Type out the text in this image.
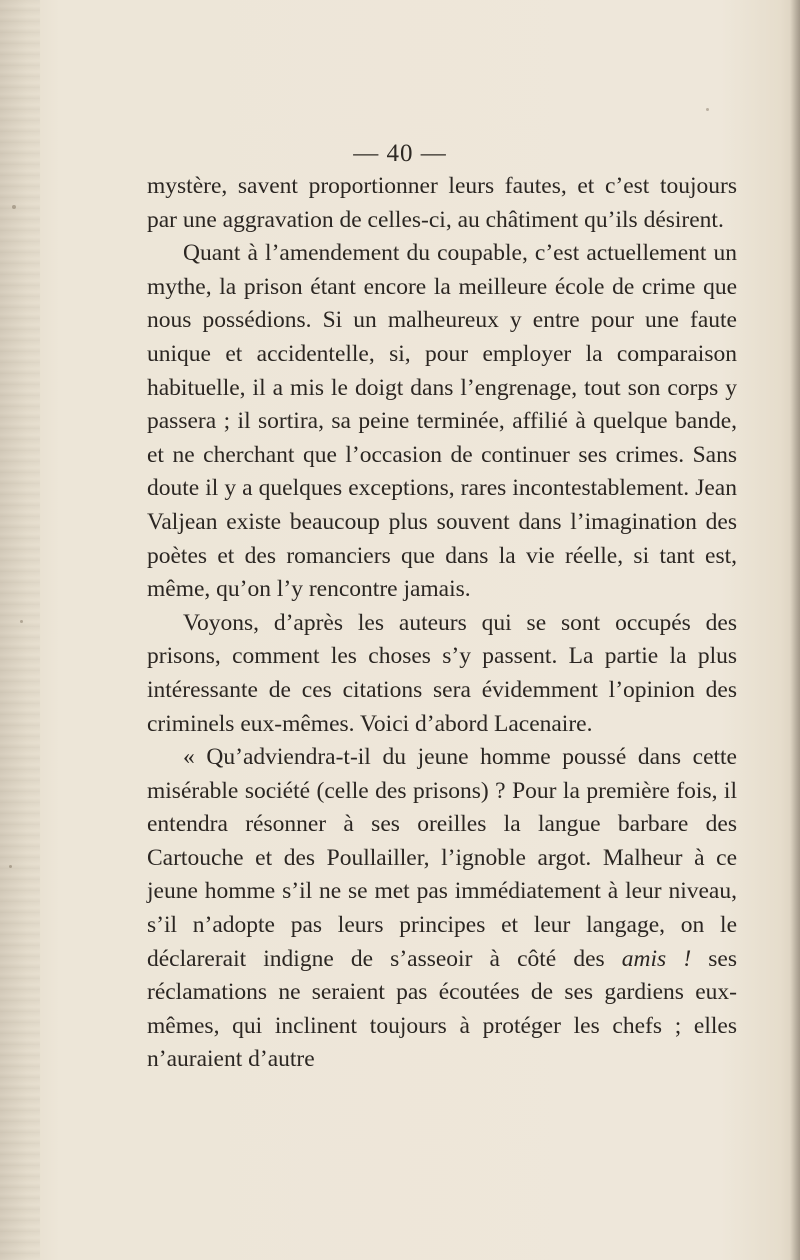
— 40 —

mystère, savent proportionner leurs fautes, et c’est toujours par une aggravation de celles-ci, au châtiment qu’ils désirent.

Quant à l’amendement du coupable, c’est actuellement un mythe, la prison étant encore la meilleure école de crime que nous possédions. Si un malheureux y entre pour une faute unique et accidentelle, si, pour employer la comparaison habituelle, il a mis le doigt dans l’engrenage, tout son corps y passera ; il sortira, sa peine terminée, affilié à quelque bande, et ne cherchant que l’occasion de continuer ses crimes. Sans doute il y a quelques exceptions, rares incontestablement. Jean Valjean existe beaucoup plus souvent dans l’imagination des poètes et des romanciers que dans la vie réelle, si tant est, même, qu’on l’y rencontre jamais.

Voyons, d’après les auteurs qui se sont occupés des prisons, comment les choses s’y passent. La partie la plus intéressante de ces citations sera évidemment l’opinion des criminels eux-mêmes. Voici d’abord Lacenaire.

« Qu’adviendra-t-il du jeune homme poussé dans cette misérable société (celle des prisons) ? Pour la première fois, il entendra résonner à ses oreilles la langue barbare des Cartouche et des Poullailler, l’ignoble argot. Malheur à ce jeune homme s’il ne se met pas immédiatement à leur niveau, s’il n’adopte pas leurs principes et leur langage, on le déclarerait indigne de s’asseoir à côté des amis ! ses réclamations ne seraient pas écoutées de ses gardiens eux-mêmes, qui inclinent toujours à protéger les chefs ; elles n’auraient d’autre
